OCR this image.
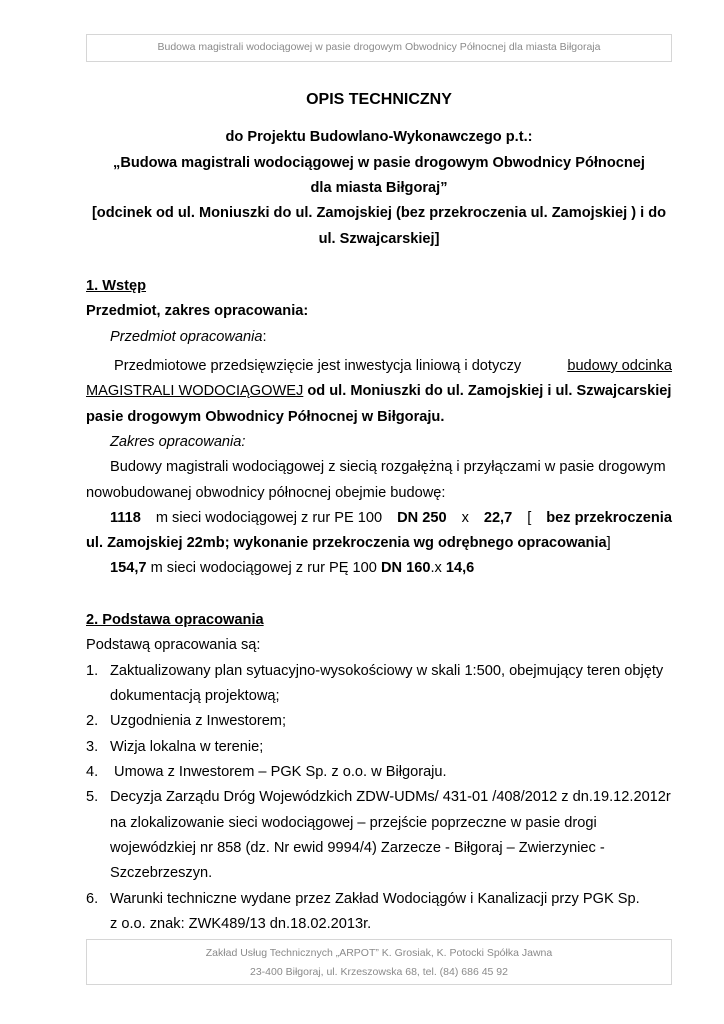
Budowa magistrali wodociągowej w pasie drogowym Obwodnicy Północnej dla miasta Biłgoraja
OPIS TECHNICZNY
do Projektu Budowlano-Wykonawczego p.t.:
„Budowa magistrali wodociągowej w pasie drogowym Obwodnicy Północnej
dla miasta Biłgoraj”
[odcinek od ul. Moniuszki do ul. Zamojskiej (bez przekroczenia ul. Zamojskiej ) i do
ul. Szwajcarskiej]
1. Wstęp
Przedmiot, zakres opracowania:
Przedmiot opracowania:
Przedmiotowe przedsięwzięcie jest inwestycja liniową i dotyczy	budowy odcinka
MAGISTRALI WODOCIĄGOWEJ od ul. Moniuszki do ul. Zamojskiej i ul. Szwajcarskiej
pasie drogowym Obwodnicy Północnej w Biłgoraju.
Zakres opracowania:
Budowy magistrali wodociągowej z siecią rozgałężną i przyłączami w pasie drogowym
nowobudowanej obwodnicy północnej obejmie budowę:
1118 m sieci wodociągowej z rur PE 100 DN 250 x 22,7 [ bez przekroczenia
ul. Zamojskiej 22mb; wykonanie przekroczenia wg odrębnego opracowania]
154,7 m sieci wodociągowej z rur PĘ 100 DN 160.x 14,6
2. Podstawa opracowania
Podstawą opracowania są:
1. Zaktualizowany plan sytuacyjno-wysokościowy w skali 1:500, obejmujący teren objęty
dokumentacją projektową;
2. Uzgodnienia z Inwestorem;
3. Wizja lokalna w terenie;
4. Umowa z Inwestorem – PGK Sp. z o.o. w Biłgoraju.
5. Decyzja Zarządu Dróg Wojewódzkich ZDW-UDMs/ 431-01 /408/2012 z dn.19.12.2012r
na zlokalizowanie sieci wodociągowej – przejście poprzeczne w pasie drogi
wojewódzkiej nr 858 (dz. Nr ewid 9994/4) Zarzecze - Biłgoraj – Zwierzyniec -
Szczebrzeszyn.
6. Warunki techniczne wydane przez Zakład Wodociągów i Kanalizacji przy PGK Sp.
z o.o. znak: ZWK489/13 dn.18.02.2013r.
Zakład Usług Technicznych „ARPOT” K. Grosiak, K. Potocki Spółka Jawna
23-400 Biłgoraj, ul. Krzeszowska 68, tel. (84) 686 45 92
